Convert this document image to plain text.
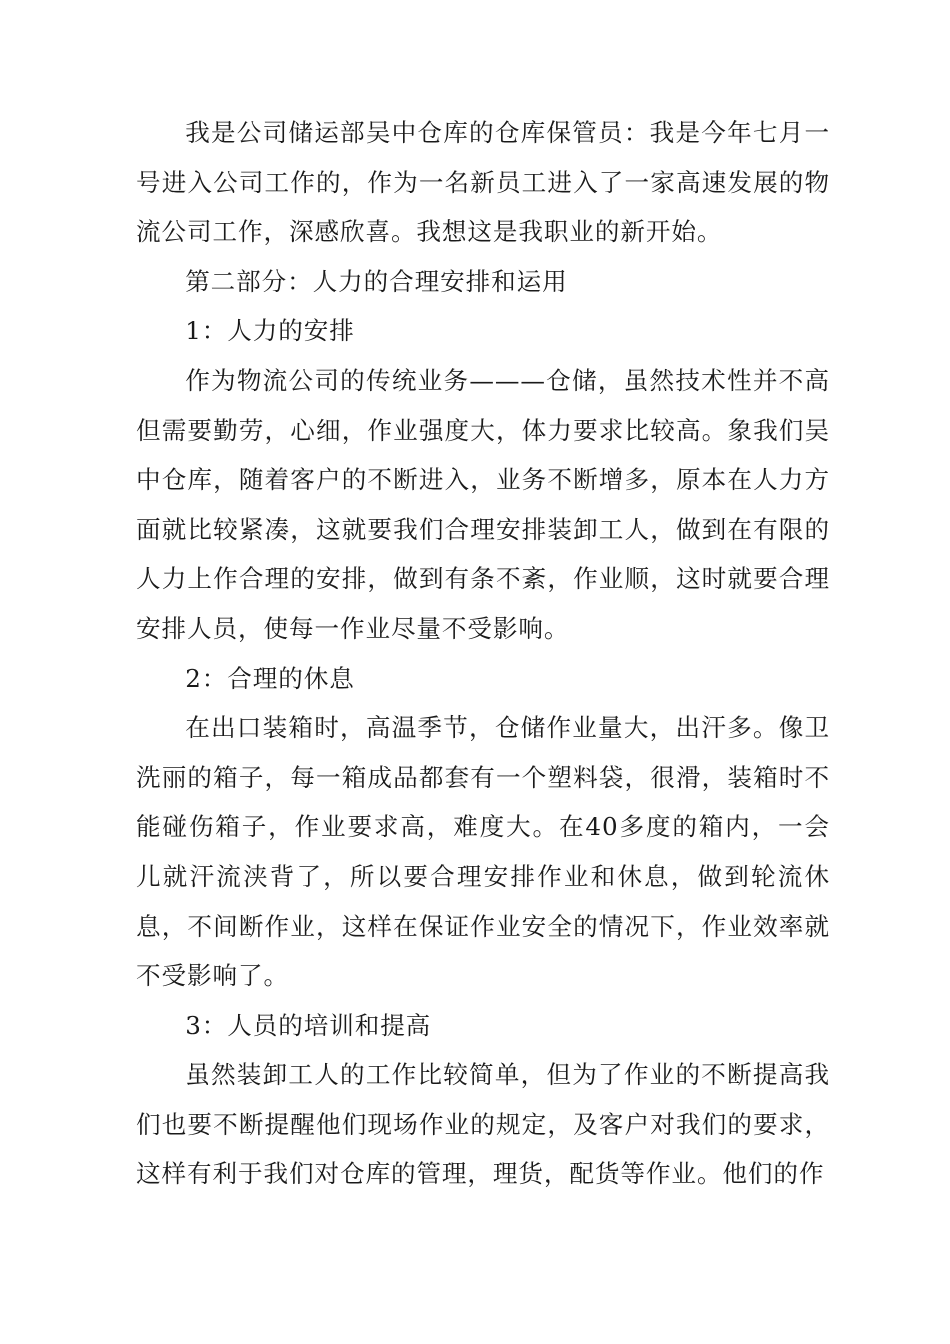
我是公司储运部吴中仓库的仓库保管员：我是今年七月一号进入公司工作的，作为一名新员工进入了一家高速发展的物流公司工作，深感欣喜。我想这是我职业的新开始。

第二部分：人力的合理安排和运用

1：人力的安排

作为物流公司的传统业务———仓储，虽然技术性并不高但需要勤劳，心细，作业强度大，体力要求比较高。象我们吴中仓库，随着客户的不断进入，业务不断增多，原本在人力方面就比较紧凑，这就要我们合理安排装卸工人，做到在有限的人力上作合理的安排，做到有条不紊，作业顺，这时就要合理安排人员，使每一作业尽量不受影响。

2：合理的休息

在出口装箱时，高温季节，仓储作业量大，出汗多。像卫洗丽的箱子，每一箱成品都套有一个塑料袋，很滑，装箱时不能碰伤箱子，作业要求高，难度大。在40多度的箱内，一会儿就汗流浃背了，所以要合理安排作业和休息，做到轮流休息，不间断作业，这样在保证作业安全的情况下，作业效率就不受影响了。

3：人员的培训和提高

虽然装卸工人的工作比较简单，但为了作业的不断提高我们也要不断提醒他们现场作业的规定，及客户对我们的要求，这样有利于我们对仓库的管理，理货，配货等作业。他们的作
